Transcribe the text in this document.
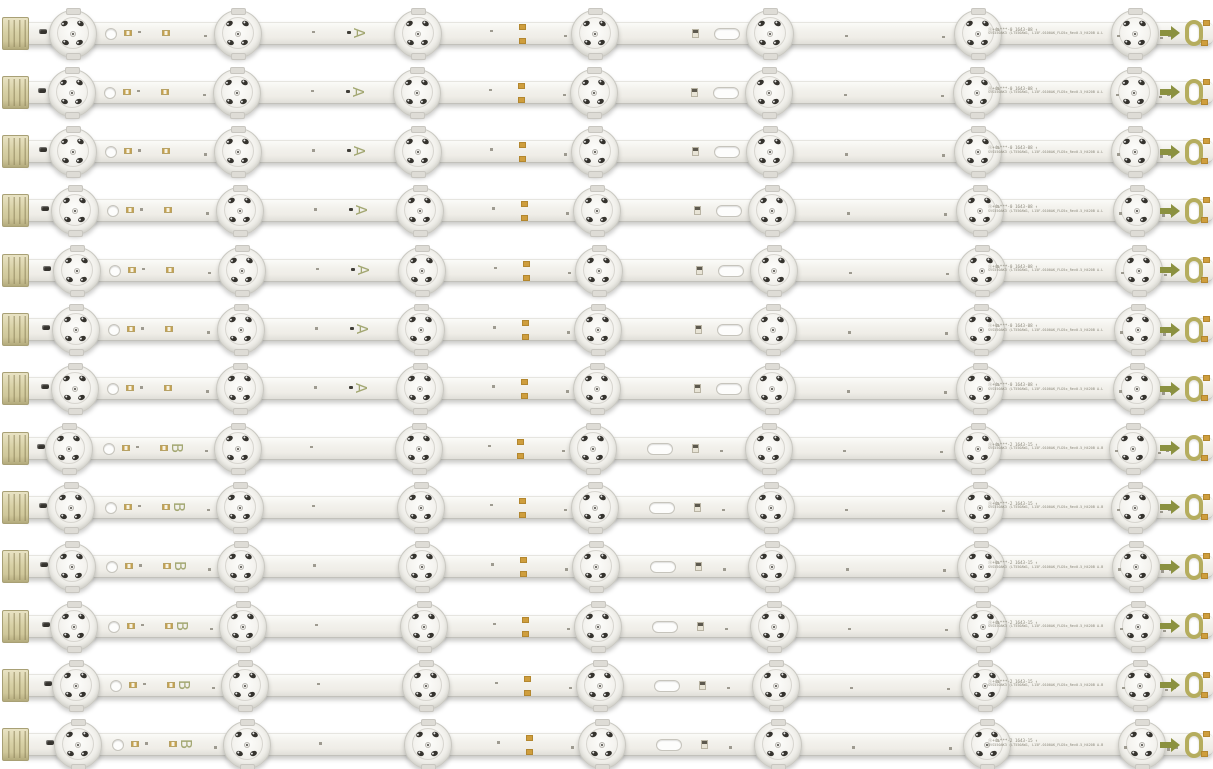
A	Ⓢ+4№***-0 1643-08 ↑
SVS550AK3 (LT550AW1, L15F-0100AK_FLD5x_Rev0.5_H420B A-L
A	Ⓢ+4№***-0 1643-08 ↑
SVS550AK3 (LT550AW1, L15F-0100AK_FLD5x_Rev0.5_H420B A-L
A	Ⓢ+4№***-0 1643-08 ↑
SVS550AK3 (LT550AW1, L15F-0100AK_FLD5x_Rev0.5_H420B A-L
A	Ⓢ+4№***-0 1643-08 ↑
SVS550AK3 (LT550AW1, L15F-0100AK_FLD5x_Rev0.5_H420B A-L
A	Ⓢ+4№***-0 1643-08 ↑
SVS550AK3 (LT550AW1, L15F-0100AK_FLD5x_Rev0.5_H420B A-L
A	Ⓢ+4№***-0 1643-08 ↑
SVS550AK3 (LT550AW1, L15F-0100AK_FLD5x_Rev0.5_H420B A-L
A	Ⓢ+4№***-0 1643-08 ↑
SVS550AK3 (LT550AW1, L15F-0100AK_FLD5x_Rev0.5_H420B A-L
B	Ⓢ+4№***-2 1643-15 ↑
SVS550AK3 (LT550AW1, L15F-0100AK_FLD5x_Rev0.5_H420B A-B
B	Ⓢ+4№***-2 1643-15 ↑
SVS550AK3 (LT550AW1, L15F-0100AK_FLD5x_Rev0.5_H420B A-B
B	Ⓢ+4№***-2 1643-15 ↑
SVS550AK3 (LT550AW1, L15F-0100AK_FLD5x_Rev0.5_H420B A-B
B	Ⓢ+4№***-2 1643-15 ↑
SVS550AK3 (LT550AW1, L15F-0100AK_FLD5x_Rev0.5_H420B A-B
B	Ⓢ+4№***-2 1643-15 ↑
SVS550AK3 (LT550AW1, L15F-0100AK_FLD5x_Rev0.5_H420B A-B
B	Ⓢ+4№***-2 1643-15 ↑
SVS550AK3 (LT550AW1, L15F-0100AK_FLD5x_Rev0.5_H420B A-B
